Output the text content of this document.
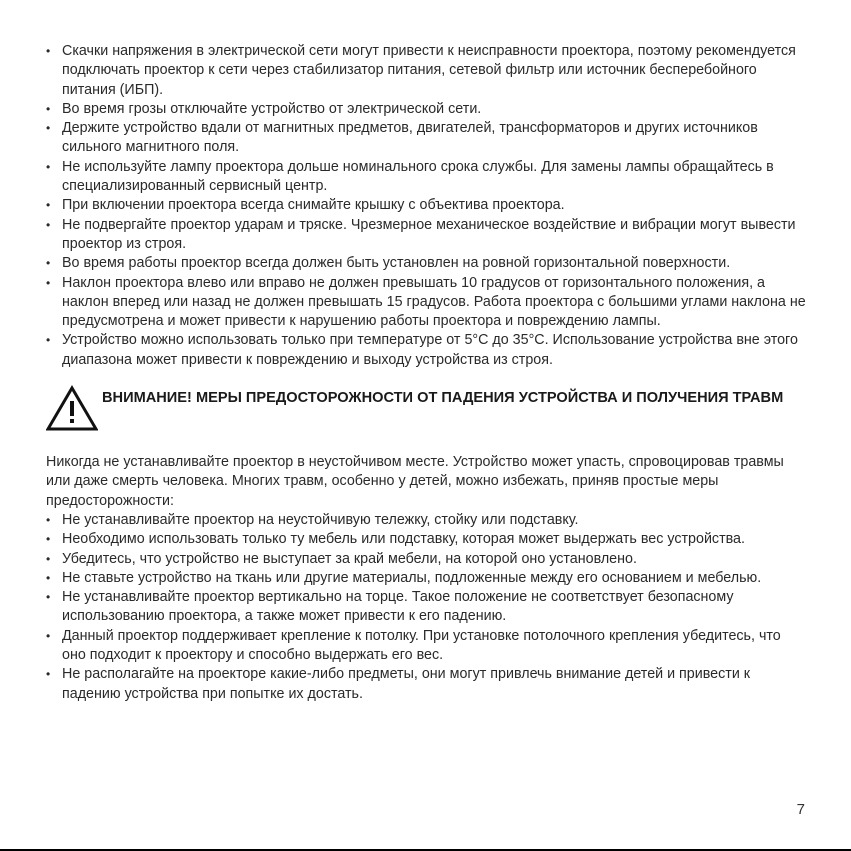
• Скачки напряжения в электрической сети могут привести к неисправности проектора, поэтому рекомендуется подключать проектор к сети через стабилизатор питания, сетевой фильтр или источник бесперебойного питания (ИБП).
• Во время грозы отключайте устройство от электрической сети.
• Держите устройство вдали от магнитных предметов, двигателей, трансформаторов и других источников сильного магнитного поля.
• Не используйте лампу проектора дольше номинального срока службы. Для замены лампы обращайтесь в специализированный сервисный центр.
• При включении проектора всегда снимайте крышку с объектива проектора.
• Не подвергайте проектор ударам и тряске. Чрезмерное механическое воздействие и вибрации могут вывести проектор из строя.
• Во время работы проектор всегда должен быть установлен на ровной горизонтальной поверхности.
• Наклон проектора влево или вправо не должен превышать 10 градусов от горизонтального положения, а наклон вперед или назад не должен превышать 15 градусов. Работа проектора с большими углами наклона не предусмотрена и может привести к нарушению работы проектора и повреждению лампы.
• Устройство можно использовать только при температуре от 5°C до 35°C. Использование устройства вне этого диапазона может привести к повреждению и выходу устройства из строя.
ВНИМАНИЕ! МЕРЫ ПРЕДОСТОРОЖНОСТИ ОТ ПАДЕНИЯ УСТРОЙСТВА И ПОЛУЧЕНИЯ ТРАВМ

Никогда не устанавливайте проектор в неустойчивом месте. Устройство может упасть, спровоцировав травмы или даже смерть человека. Многих травм, особенно у детей, можно избежать, приняв простые меры предосторожности:

• Не устанавливайте проектор на неустойчивую тележку, стойку или подставку.
• Необходимо использовать только ту мебель или подставку, которая может выдержать вес устройства.
• Убедитесь, что устройство не выступает за край мебели, на которой оно установлено.
• Не ставьте устройство на ткань или другие материалы, подложенные между его основанием и мебелью.
• Не устанавливайте проектор вертикально на торце. Такое положение не соответствует безопасному использованию проектора, а также может привести к его падению.
• Данный проектор поддерживает крепление к потолку. При установке потолочного крепления убедитесь, что оно подходит к проектору и способно выдержать его вес.
• Не располагайте на проекторе какие-либо предметы, они могут привлечь внимание детей и привести к падению устройства при попытке их достать.
7
